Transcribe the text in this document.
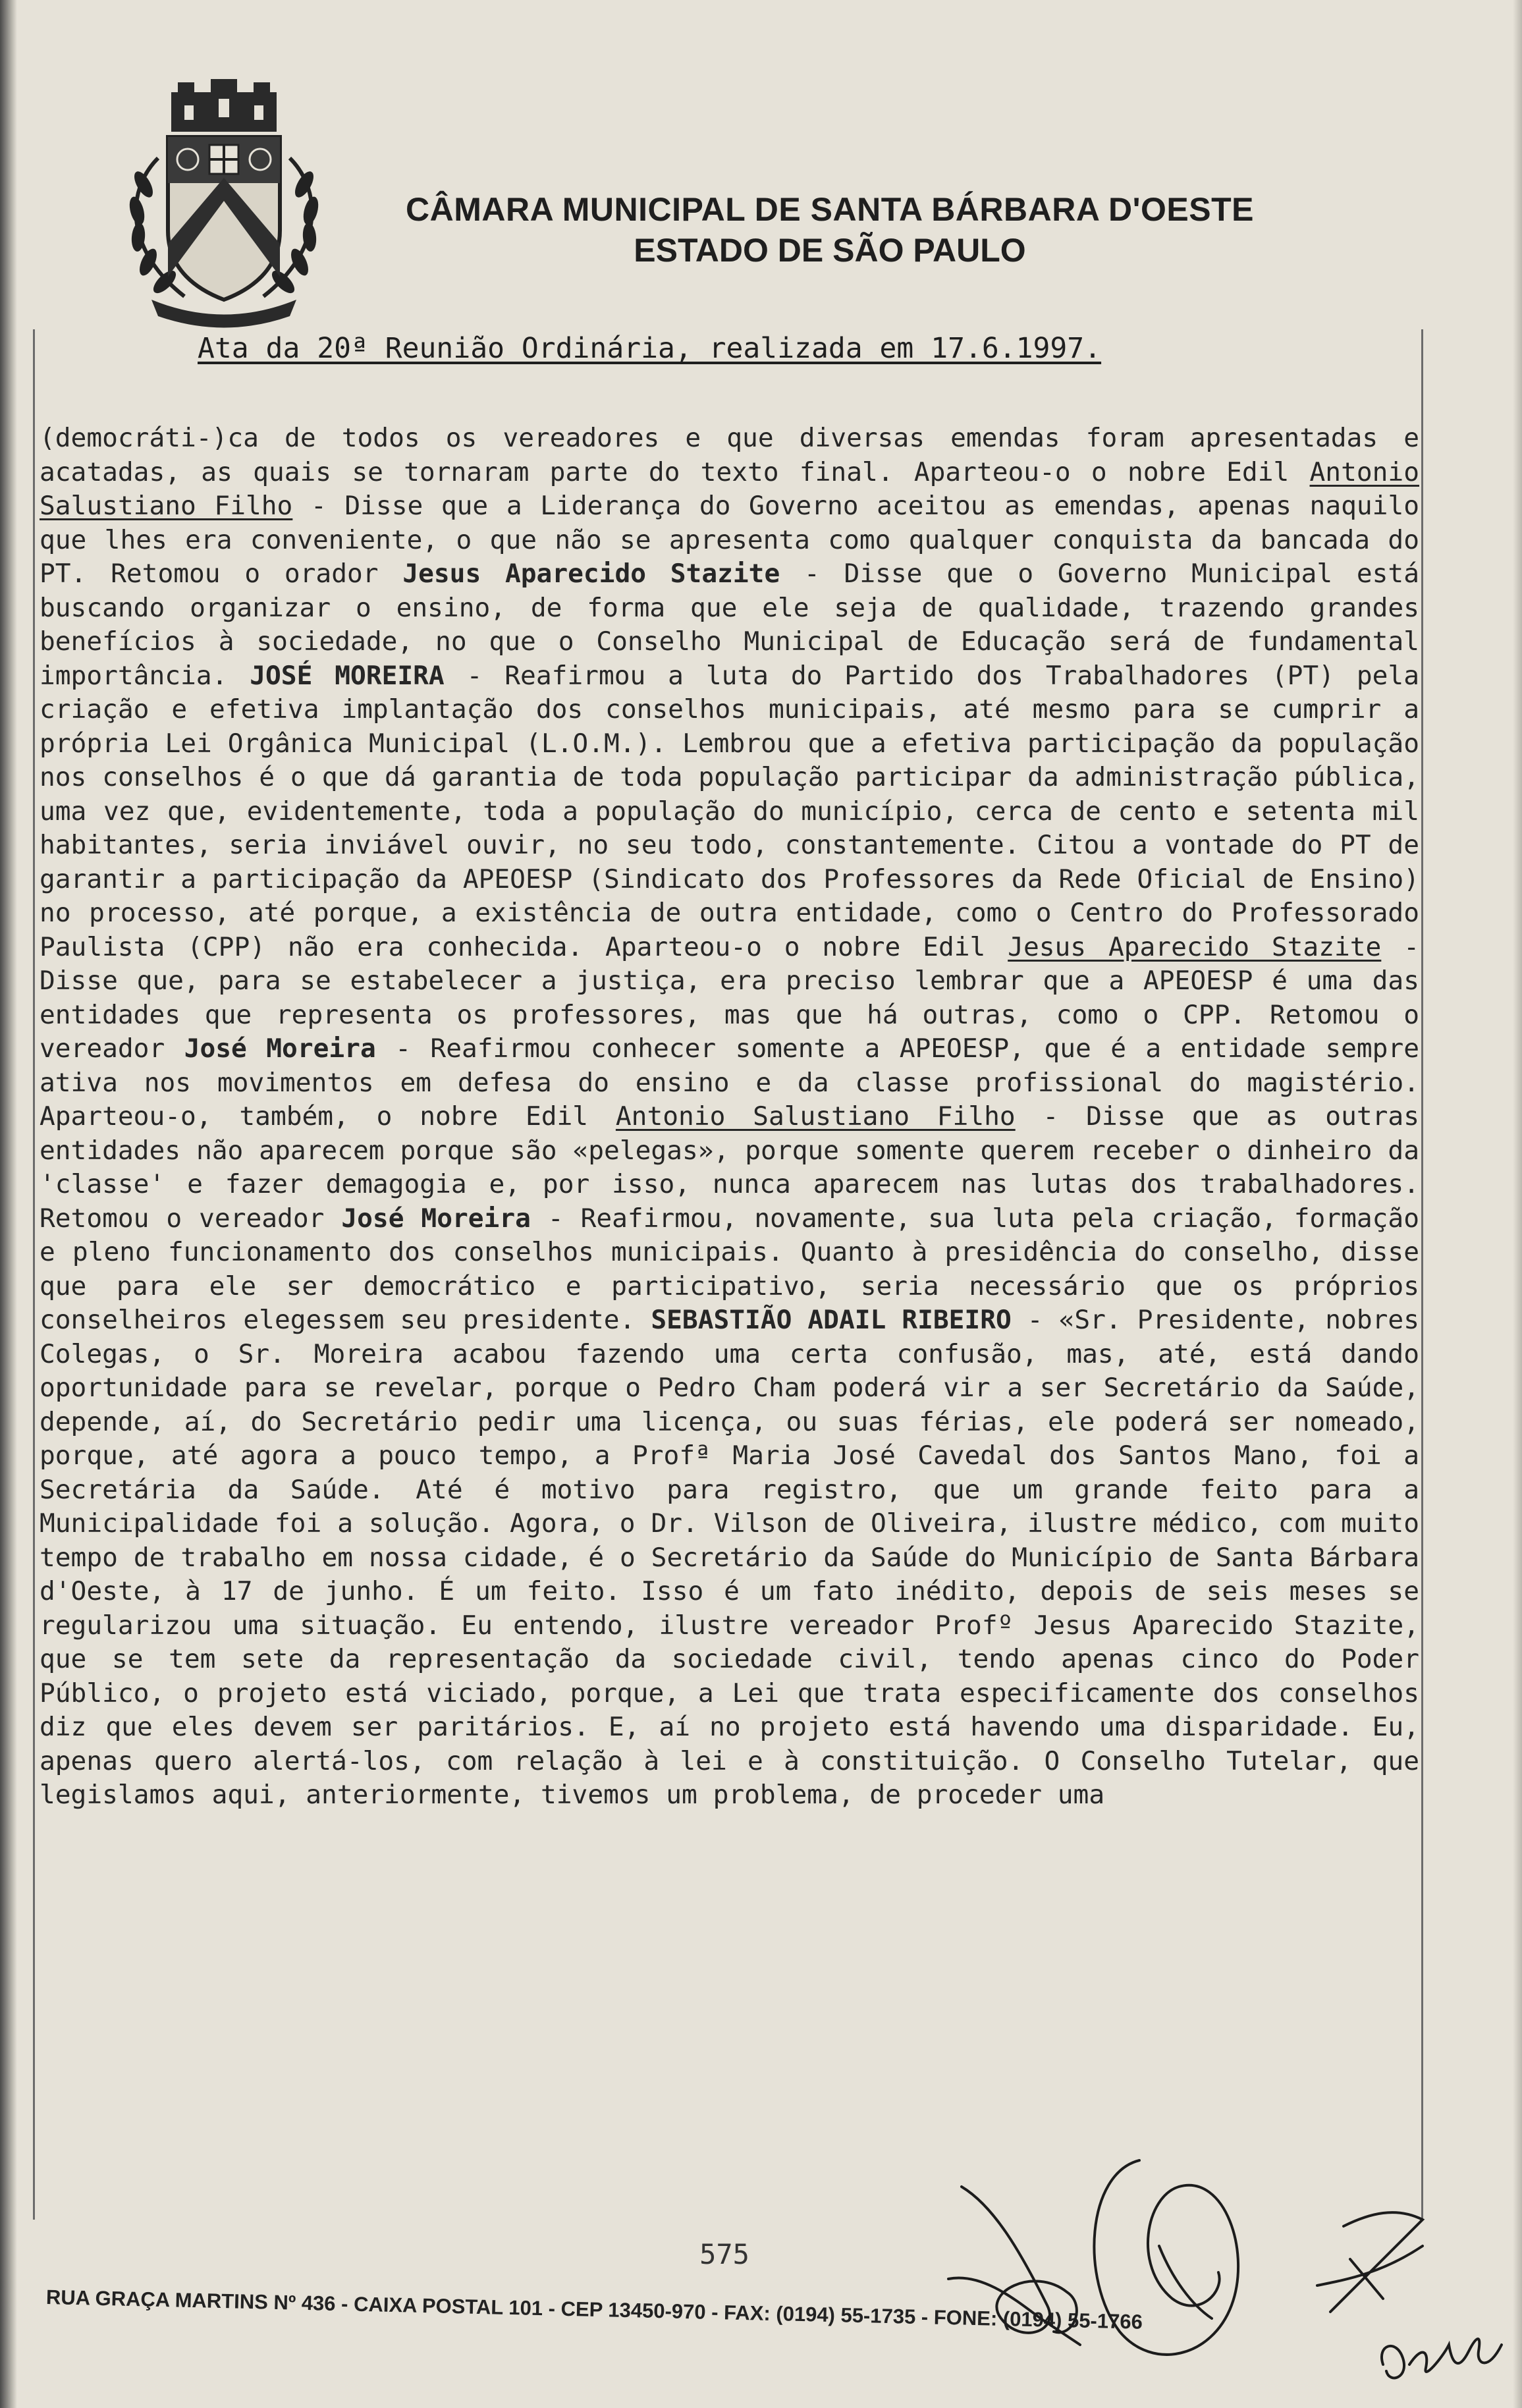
CÂMARA MUNICIPAL DE SANTA BÁRBARA D'OESTE
ESTADO DE SÃO PAULO
Ata da 20ª Reunião Ordinária, realizada em 17.6.1997.
(democráti-)ca de todos os vereadores e que diversas emendas foram apresentadas e acatadas, as quais se tornaram parte do texto final. Aparteou-o o nobre Edil Antonio Salustiano Filho - Disse que a Liderança do Governo aceitou as emendas, apenas naquilo que lhes era conveniente, o que não se apresenta como qualquer conquista da bancada do PT. Retomou o orador Jesus Aparecido Stazite - Disse que o Governo Municipal está buscando organizar o ensino, de forma que ele seja de qualidade, trazendo grandes benefícios à sociedade, no que o Conselho Municipal de Educação será de fundamental importância. JOSÉ MOREIRA - Reafirmou a luta do Partido dos Trabalhadores (PT) pela criação e efetiva implantação dos conselhos municipais, até mesmo para se cumprir a própria Lei Orgânica Municipal (L.O.M.). Lembrou que a efetiva participação da população nos conselhos é o que dá garantia de toda população participar da administração pública, uma vez que, evidentemente, toda a população do município, cerca de cento e setenta mil habitantes, seria inviável ouvir, no seu todo, constantemente. Citou a vontade do PT de garantir a participação da APEOESP (Sindicato dos Professores da Rede Oficial de Ensino) no processo, até porque, a existência de outra entidade, como o Centro do Professorado Paulista (CPP) não era conhecida. Aparteou-o o nobre Edil Jesus Aparecido Stazite - Disse que, para se estabelecer a justiça, era preciso lembrar que a APEOESP é uma das entidades que representa os professores, mas que há outras, como o CPP. Retomou o vereador José Moreira - Reafirmou conhecer somente a APEOESP, que é a entidade sempre ativa nos movimentos em defesa do ensino e da classe profissional do magistério. Aparteou-o, também, o nobre Edil Antonio Salustiano Filho - Disse que as outras entidades não aparecem porque são «pelegas», porque somente querem receber o dinheiro da 'classe' e fazer demagogia e, por isso, nunca aparecem nas lutas dos trabalhadores. Retomou o vereador José Moreira - Reafirmou, novamente, sua luta pela criação, formação e pleno funcionamento dos conselhos municipais. Quanto à presidência do conselho, disse que para ele ser democrático e participativo, seria necessário que os próprios conselheiros elegessem seu presidente. SEBASTIÃO ADAIL RIBEIRO - «Sr. Presidente, nobres Colegas, o Sr. Moreira acabou fazendo uma certa confusão, mas, até, está dando oportunidade para se revelar, porque o Pedro Cham poderá vir a ser Secretário da Saúde, depende, aí, do Secretário pedir uma licença, ou suas férias, ele poderá ser nomeado, porque, até agora a pouco tempo, a Profª Maria José Cavedal dos Santos Mano, foi a Secretária da Saúde. Até é motivo para registro, que um grande feito para a Municipalidade foi a solução. Agora, o Dr. Vilson de Oliveira, ilustre médico, com muito tempo de trabalho em nossa cidade, é o Secretário da Saúde do Município de Santa Bárbara d'Oeste, à 17 de junho. É um feito. Isso é um fato inédito, depois de seis meses se regularizou uma situação. Eu entendo, ilustre vereador Profº Jesus Aparecido Stazite, que se tem sete da representação da sociedade civil, tendo apenas cinco do Poder Público, o projeto está viciado, porque, a Lei que trata especificamente dos conselhos diz que eles devem ser paritários. E, aí no projeto está havendo uma disparidade. Eu, apenas quero alertá-los, com relação à lei e à constituição. O Conselho Tutelar, que legislamos aqui, anteriormente, tivemos um problema, de proceder uma
575
RUA GRAÇA MARTINS Nº 436 - CAIXA POSTAL 101 - CEP 13450-970 - FAX: (0194) 55-1735 - FONE: (0194) 55-1766
